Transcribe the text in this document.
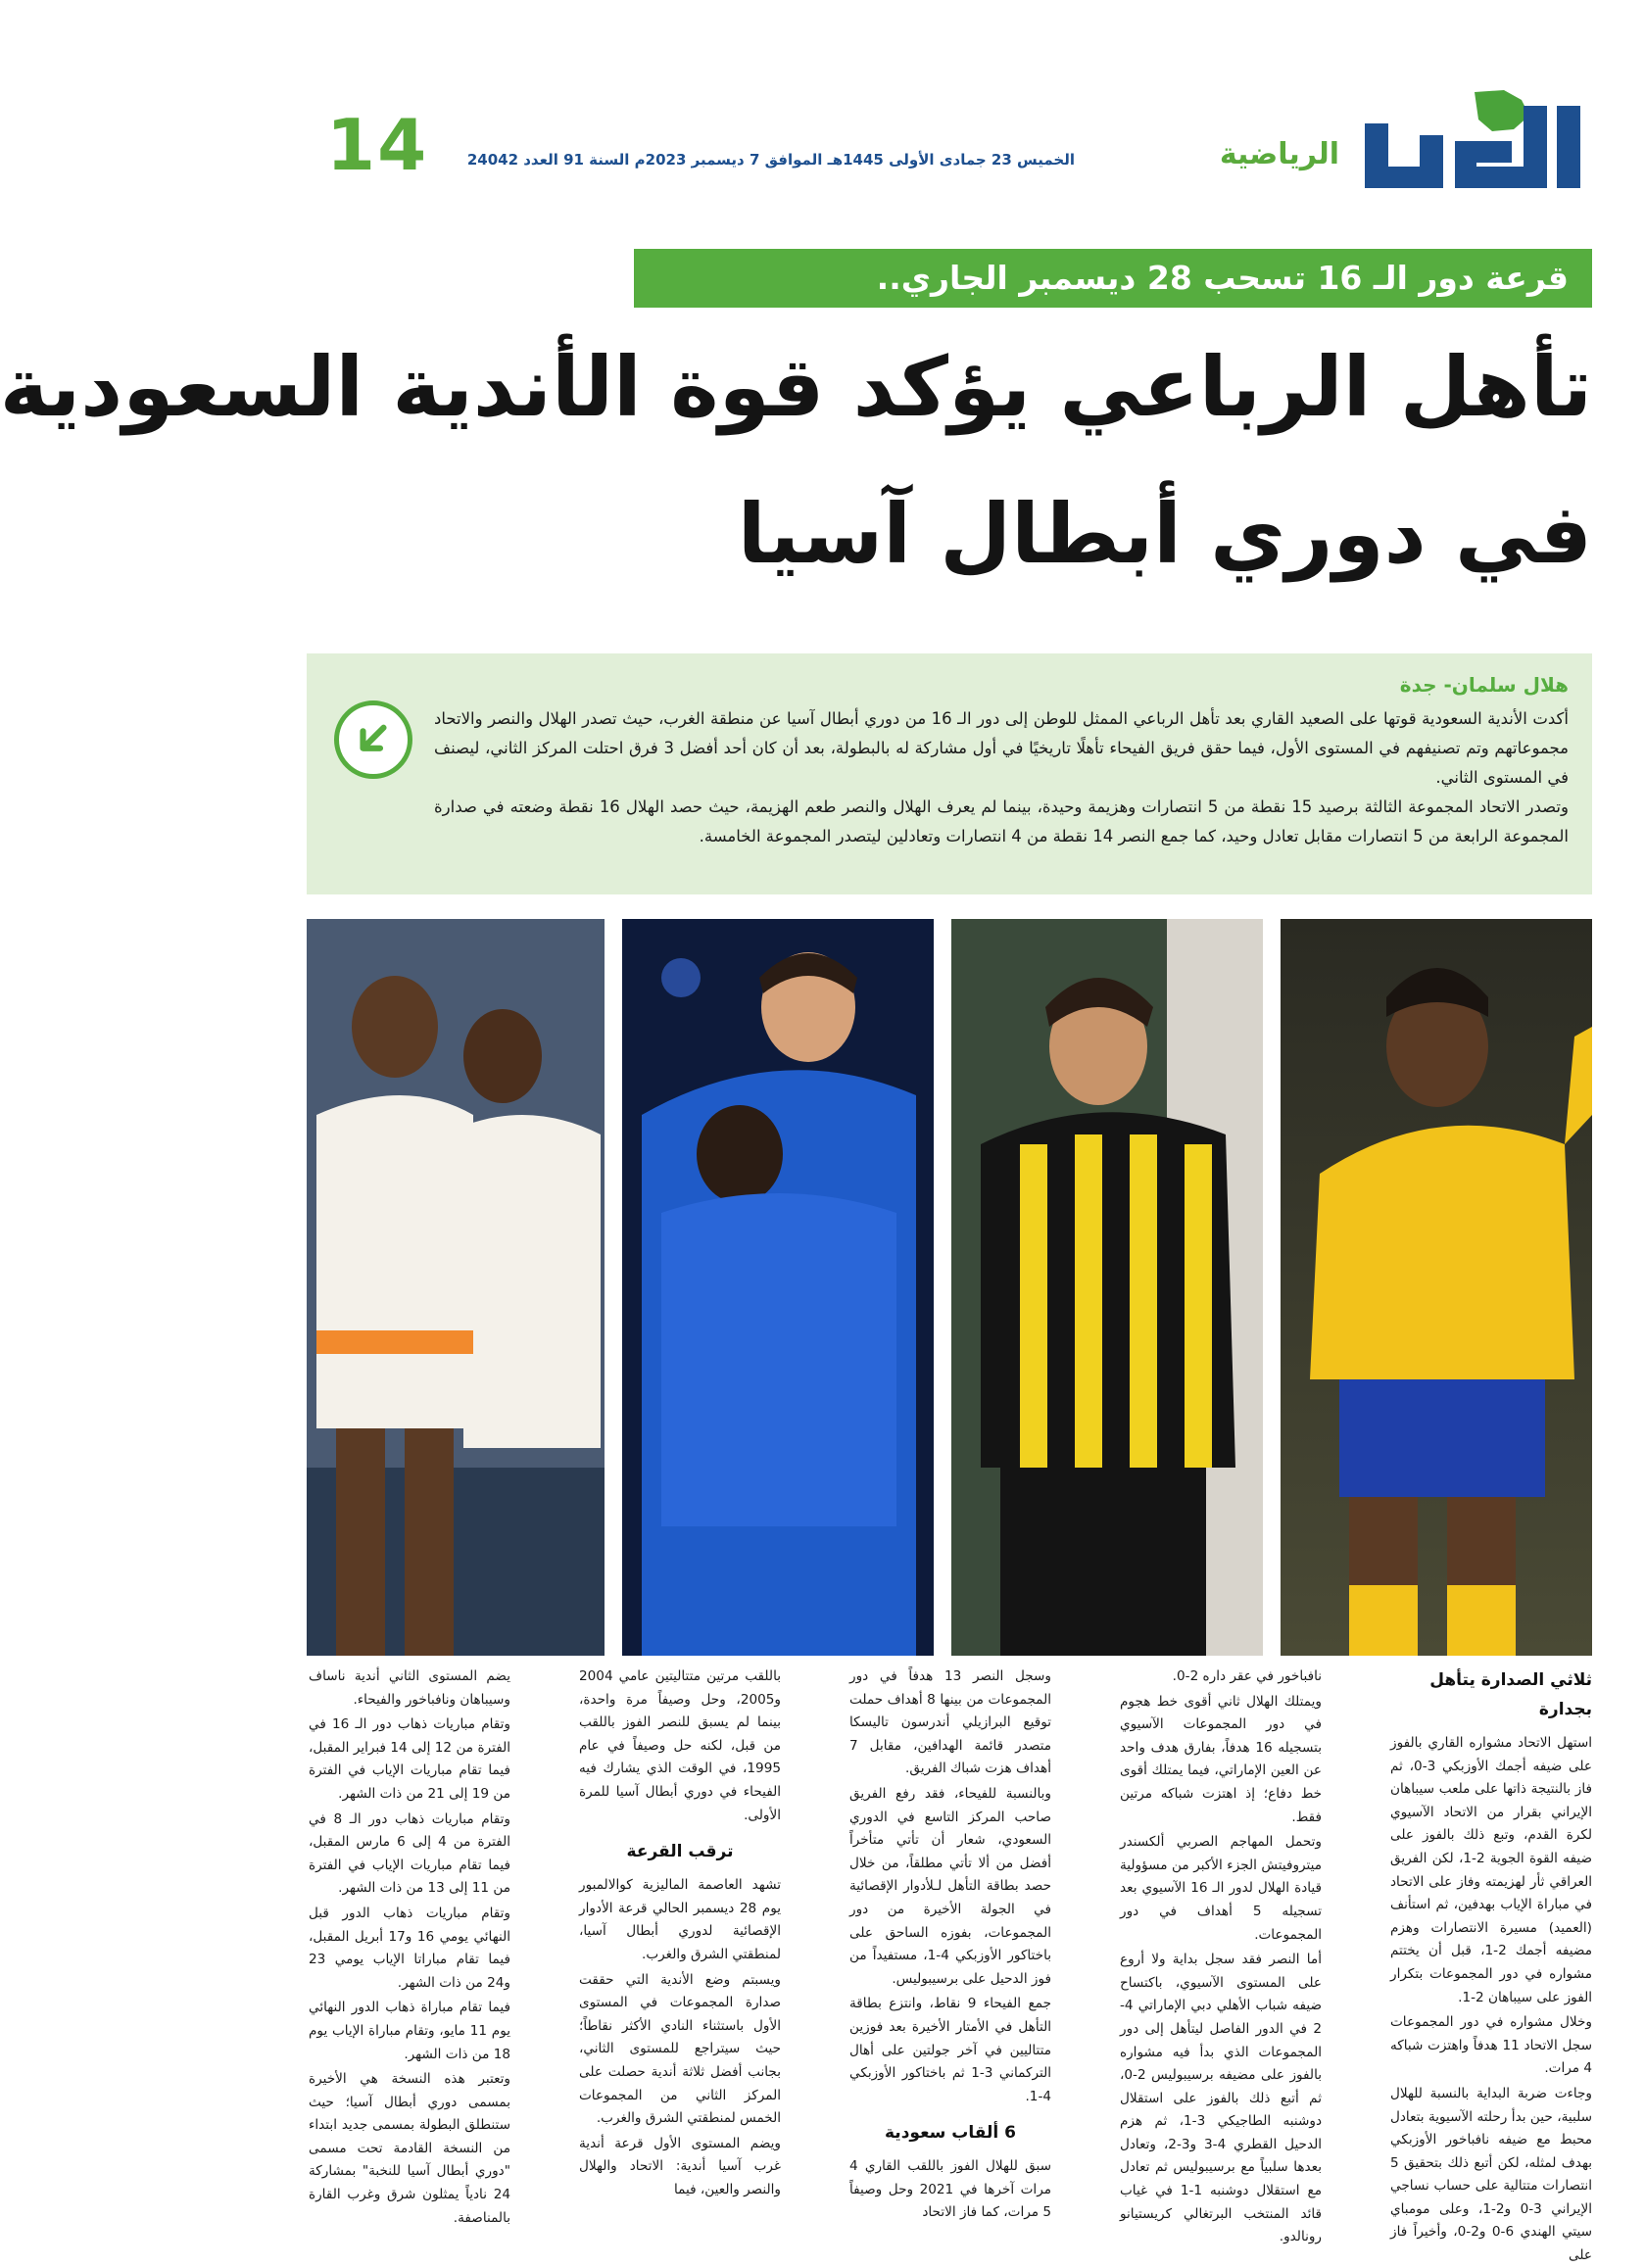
الرياضية
الخميس 23 جمادى الأولى 1445هـ الموافق 7 ديسمبر 2023م السنة 91 العدد 24042
14
قرعة دور الـ 16 تسحب 28 ديسمبر الجاري..
تأهل الرباعي يؤكد قوة الأندية السعودية
في دوري أبطال آسيا
هلال سلمان- جدة

أكدت الأندية السعودية قوتها على الصعيد القاري بعد تأهل الرباعي الممثل للوطن إلى دور الـ 16 من دوري أبطال آسيا عن منطقة الغرب، حيث تصدر الهلال والنصر والاتحاد مجموعاتهم وتم تصنيفهم في المستوى الأول، فيما حقق فريق الفيحاء تأهلًا تاريخيًا في أول مشاركة له بالبطولة، بعد أن كان أحد أفضل 3 فرق احتلت المركز الثاني، ليصنف في المستوى الثاني.

وتصدر الاتحاد المجموعة الثالثة برصيد 15 نقطة من 5 انتصارات وهزيمة وحيدة، بينما لم يعرف الهلال والنصر طعم الهزيمة، حيث حصد الهلال 16 نقطة وضعته في صدارة المجموعة الرابعة من 5 انتصارات مقابل تعادل وحيد، كما جمع النصر 14 نقطة من 4 انتصارات وتعادلين ليتصدر المجموعة الخامسة.

ثلاثي الصدارة يتأهل بجدارة

استهل الاتحاد مشواره القاري بالفوز على ضيفه أجمك الأوزبكي 3-0، ثم فاز بالنتيجة ذاتها على ملعب سيباهان الإيراني بقرار من الاتحاد الآسيوي لكرة القدم، وتبع ذلك بالفوز على ضيفه القوة الجوية 2-1، لكن الفريق العراقي ثأر لهزيمته وفاز على الاتحاد في مباراة الإياب بهدفين، ثم استأنف (العميد) مسيرة الانتصارات وهزم مضيفه أجمك 2-1، قبل أن يختتم مشواره في دور المجموعات بتكرار الفوز على سيباهان 2-1.

وخلال مشواره في دور المجموعات سجل الاتحاد 11 هدفاً واهتزت شباكه 4 مرات.

وجاءت ضربة البداية بالنسبة للهلال سلبية، حين بدأ رحلته الآسيوية بتعادل محبط مع ضيفه نافباخور الأوزبكي بهدف لمثله، لكن أتبع ذلك بتحقيق 5 انتصارات متتالية على حساب نساجي الإيراني 3-0 و2-1، وعلى مومباي سيتي الهندي 6-0 و2-0، وأخيراً فاز على

نافباخور في عقر داره 2-0.

ويمتلك الهلال ثاني أقوى خط هجوم في دور المجموعات الآسيوي بتسجيله 16 هدفاً، بفارق هدف واحد عن العين الإماراتي، فيما يمتلك أقوى خط دفاع؛ إذ اهتزت شباكه مرتين فقط.

وتحمل المهاجم الصربي ألكسندر ميتروفيتش الجزء الأكبر من مسؤولية قيادة الهلال لدور الـ 16 الآسيوي بعد تسجيله 5 أهداف في دور المجموعات.

أما النصر فقد سجل بداية ولا أروع على المستوى الآسيوي، باكتساح ضيفه شباب الأهلي دبي الإماراتي 4-2 في الدور الفاصل ليتأهل إلى دور المجموعات الذي بدأ فيه مشواره بالفوز على مضيفه برسيبوليس 2-0، ثم أتبع ذلك بالفوز على استقلال دوشنبه الطاجيكي 3-1، ثم هزم الدحيل القطري 4-3 و3-2، وتعادل بعدها سلبياً مع برسيبوليس ثم تعادل مع استقلال دوشنبه 1-1 في غياب قائد المنتخب البرتغالي كريستيانو رونالدو.

وسجل النصر 13 هدفاً في دور المجموعات من بينها 8 أهداف حملت توقيع البرازيلي أندرسون تاليسكا متصدر قائمة الهدافين، مقابل 7 أهداف هزت شباك الفريق.

وبالنسبة للفيحاء، فقد رفع الفريق صاحب المركز التاسع في الدوري السعودي، شعار أن تأتي متأخراً أفضل من ألا تأتي مطلقاً، من خلال حصد بطاقة التأهل لـلأدوار الإقصائية في الجولة الأخيرة من دور المجموعات، بفوزه الساحق على باختاكور الأوزبكي 4-1، مستفيداً من فوز الدحيل على برسيبوليس.

جمع الفيحاء 9 نقاط، وانتزع بطاقة التأهل في الأمتار الأخيرة بعد فوزين متتاليين في آخر جولتين على أهال التركماني 3-1 ثم باختاكور الأوزبكي 4-1.

6 ألقاب سعودية

سبق للهلال الفوز باللقب القاري 4 مرات آخرها في 2021 وحل وصيفاً 5 مرات، كما فاز الاتحاد

باللقب مرتين متتاليتين عامي 2004 و2005، وحل وصيفاً مرة واحدة، بينما لم يسبق للنصر الفوز باللقب من قبل، لكنه حل وصيفاً في عام 1995، في الوقت الذي يشارك فيه الفيحاء في دوري أبطال آسيا للمرة الأولى.

ترقب القرعة

تشهد العاصمة الماليزية كوالالمبور يوم 28 ديسمبر الحالي قرعة الأدوار الإقصائية لدوري أبطال آسيا، لمنطقتي الشرق والغرب.

ويسبتم وضع الأندية التي حققت صدارة المجموعات في المستوى الأول باستثناء النادي الأكثر نقاطاً؛ حيث سيتراجع للمستوى الثاني، بجانب أفضل ثلاثة أندية حصلت على المركز الثاني من المجموعات الخمس لمنطقتي الشرق والغرب.

ويضم المستوى الأول قرعة أندية غرب آسيا أندية: الاتحاد والهلال والنصر والعين، فيما

يضم المستوى الثاني أندية ناساف وسيباهان ونافباخور والفيحاء.

وتقام مباريات ذهاب دور الـ 16 في الفترة من 12 إلى 14 فبراير المقبل، فيما تقام مباريات الإياب في الفترة من 19 إلى 21 من ذات الشهر.

وتقام مباريات ذهاب دور الـ 8 في الفترة من 4 إلى 6 مارس المقبل، فيما تقام مباريات الإياب في الفترة من 11 إلى 13 من ذات الشهر.

وتقام مباريات ذهاب الدور قبل النهائي يومي 16 و17 أبريل المقبل، فيما تقام مباراتا الإياب يومي 23 و24 من ذات الشهر.

فيما تقام مباراة ذهاب الدور النهائي يوم 11 مايو، وتقام مباراة الإياب يوم 18 من ذات الشهر.

وتعتبر هذه النسخة هي الأخيرة بمسمى دوري أبطال آسيا؛ حيث ستنطلق البطولة بمسمى جديد ابتداء من النسخة القادمة تحت مسمى "دوري أبطال آسيا للنخبة" بمشاركة 24 نادياً يمثلون شرق وغرب القارة بالمناصفة.
